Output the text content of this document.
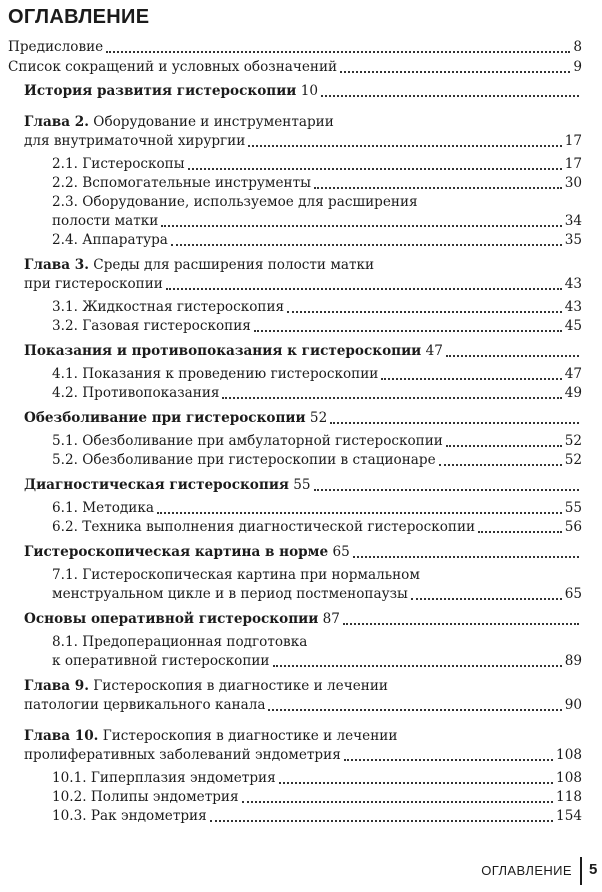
ОГЛАВЛЕНИЕ
Предисловие	8
Список сокращений и условных обозначений	9
История развития гистероскопии 10
Глава 2. Оборудование и инструментарии
для внутриматочной хирургии	17
2.1. Гистероскопы	17
2.2. Вспомогательные инструменты	30
2.3. Оборудование, используемое для расширения
полости матки	34
2.4. Аппаратура	35
Глава 3. Среды для расширения полости матки
при гистероскопии	43
3.1. Жидкостная гистероскопия	43
3.2. Газовая гистероскопия	45
Показания и противопоказания к гистероскопии 47
4.1. Показания к проведению гистероскопии	47
4.2. Противопоказания	49
Обезболивание при гистероскопии 52
5.1. Обезболивание при амбулаторной гистероскопии	52
5.2. Обезболивание при гистероскопии в стационаре	52
Диагностическая гистероскопия 55
6.1. Методика	55
6.2. Техника выполнения диагностической гистероскопии	56
Гистероскопическая картина в норме 65
7.1. Гистероскопическая картина при нормальном
менструальном цикле и в период постменопаузы	65
Основы оперативной гистероскопии 87
8.1. Предоперационная подготовка
к оперативной гистероскопии	89
Глава 9. Гистероскопия в диагностике и лечении
патологии цервикального канала	90
Глава 10. Гистероскопия в диагностике и лечении
пролиферативных заболеваний эндометрия	108
10.1. Гиперплазия эндометрия	108
10.2. Полипы эндометрия	118
10.3. Рак эндометрия	154
ОГЛАВЛЕНИЕ 5
